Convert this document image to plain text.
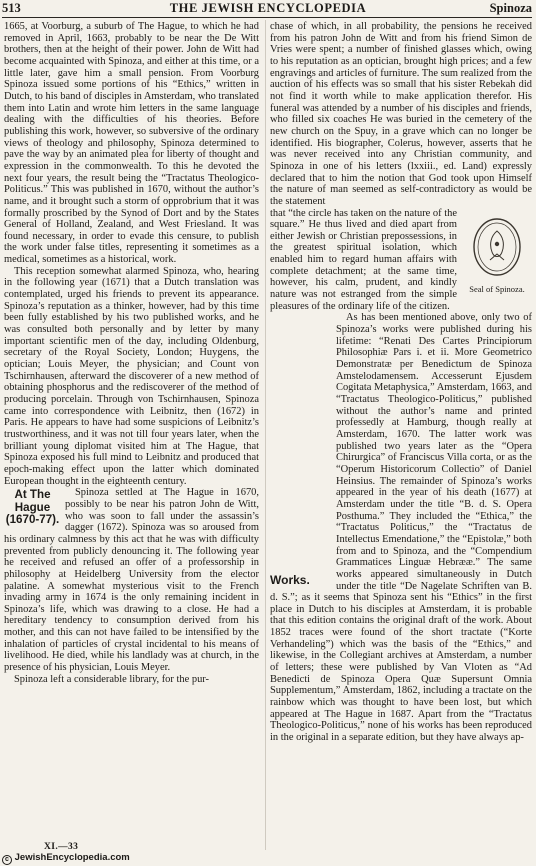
513	THE JEWISH ENCYCLOPEDIA	Spinoza

1665, at Voorburg, a suburb of The Hague, to which he had removed in April, 1663, probably to be near the De Witt brothers, then at the height of their power. John de Witt had become acquainted with Spinoza, and either at this time, or a little later, gave him a small pension. From Voorburg Spinoza issued some portions of his “Ethics,” written in Dutch, to his band of disciples in Amsterdam, who translated them into Latin and wrote him letters in the same language dealing with the difficulties of his theories. Before publishing this work, however, so subversive of the ordinary views of theology and philosophy, Spinoza determined to pave the way by an animated plea for liberty of thought and expression in the commonwealth. To this he devoted the next four years, the result being the “Tractatus Theologico-Politicus.” This was published in 1670, without the author’s name, and it brought such a storm of opprobrium that it was formally proscribed by the Synod of Dort and by the States General of Holland, Zealand, and West Friesland. It was found necessary, in order to evade this censure, to publish the work under false titles, representing it sometimes as a medical, sometimes as a historical, work.

This reception somewhat alarmed Spinoza, who, hearing in the following year (1671) that a Dutch translation was contemplated, urged his friends to prevent its appearance. Spinoza’s reputation as a thinker, however, had by this time been fully established by his two published works, and he was consulted both personally and by letter by many important scientific men of the day, including Oldenburg, secretary of the Royal Society, London; Huygens, the optician; Louis Meyer, the physician; and Count von Tschirnhausen, afterward the discoverer of a new method of obtaining phosphorus and the rediscoverer of the method of producing porcelain. Through von Tschirnhausen, Spinoza came into correspondence with Leibnitz, then (1672) in Paris. He appears to have had some suspicions of Leibnitz’s trustworthiness, and it was not till four years later, when the brilliant young diplomat visited him at The Hague, that Spinoza exposed his full mind to Leibnitz and produced that epoch-making effect upon the latter which dominated European thought in the eighteenth century.

At The Hague (1670-77).

Spinoza settled at The Hague in 1670, possibly to be near his patron John de Witt, who was soon to fall under the assassin’s dagger (1672). Spinoza was so aroused from his ordinary calmness by this act that he was with difficulty prevented from publicly denouncing it. The following year he received and refused an offer of a professorship in philosophy at Heidelberg University from the elector palatine. A somewhat mysterious visit to the French invading army in 1674 is the only remaining incident in Spinoza’s life, which was drawing to a close. He had a hereditary tendency to consumption derived from his mother, and this can not have failed to be intensified by the inhalation of particles of crystal incidental to his means of livelihood. He died, while his landlady was at church, in the presence of his physician, Louis Meyer.

Spinoza left a considerable library, for the pur-

chase of which, in all probability, the pensions he received from his patron John de Witt and from his friend Simon de Vries were spent; a number of finished glasses which, owing to his reputation as an optician, brought high prices; and a few engravings and articles of furniture. The sum realized from the auction of his effects was so small that his sister Rebekah did not find it worth while to make application therefor. His funeral was attended by a number of his disciples and friends, who filled six coaches He was buried in the cemetery of the new church on the Spuy, in a grave which can no longer be identified. His biographer, Colerus, however, asserts that he was never received into any Christian community, and Spinoza in one of his letters (lxxiii., ed. Land) expressly declared that to him the notion that God took upon Himself the nature of man seemed as self-contradictory as would be the statement

Seal of Spinoza.

that “the circle has taken on the nature of the square.” He thus lived and died apart from either Jewish or Christian prepossessions, in the greatest spiritual isolation, which enabled him to regard human affairs with complete detachment; at the same time, however, his calm, prudent, and kindly nature was not estranged from the simple pleasures of the ordinary life of the citizen.

Works.

As has been mentioned above, only two of Spinoza’s works were published during his lifetime: “Renati Des Cartes Principiorum Philosophiæ Pars i. et ii. More Geometrico Demonstratæ per Benedictum de Spinoza Amstelodamensem. Accesserunt Ejusdem Cogitata Metaphysica,” Amsterdam, 1663, and “Tractatus Theologico-Politicus,” published without the author’s name and printed professedly at Hamburg, though really at Amsterdam, 1670. The latter work was published two years later as the “Opera Chirurgica” of Franciscus Villa corta, or as the “Operum Historicorum Collectio” of Daniel Heinsius. The remainder of Spinoza’s works appeared in the year of his death (1677) at Amsterdam under the title “B. d. S. Opera Posthuma.” They included the “Ethica,” the “Tractatus Politicus,” the “Tractatus de Intellectus Emendatione,” the “Epistolæ,” both from and to Spinoza, and the “Compendium Grammatices Linguæ Hebrææ.” The same works appeared simultaneously in Dutch under the title “De Nagelate Schriften van B. d. S.”; as it seems that Spinoza sent his “Ethics” in the first place in Dutch to his disciples at Amsterdam, it is probable that this edition contains the original draft of the work. About 1852 traces were found of the short tractate (“Korte Verhandeling”) which was the basis of the “Ethics,” and likewise, in the Collegiant archives at Amsterdam, a number of letters; these were published by Van Vloten as “Ad Benedicti de Spinoza Opera Quæ Supersunt Omnia Supplementum,” Amsterdam, 1862, including a tractate on the rainbow which was thought to have been lost, but which appeared at The Hague in 1687. Apart from the “Tractatus Theologico-Politicus,” none of his works has been reproduced in the original in a separate edition, but they have always ap-

XI.—33
c JewishEncyclopedia.com
